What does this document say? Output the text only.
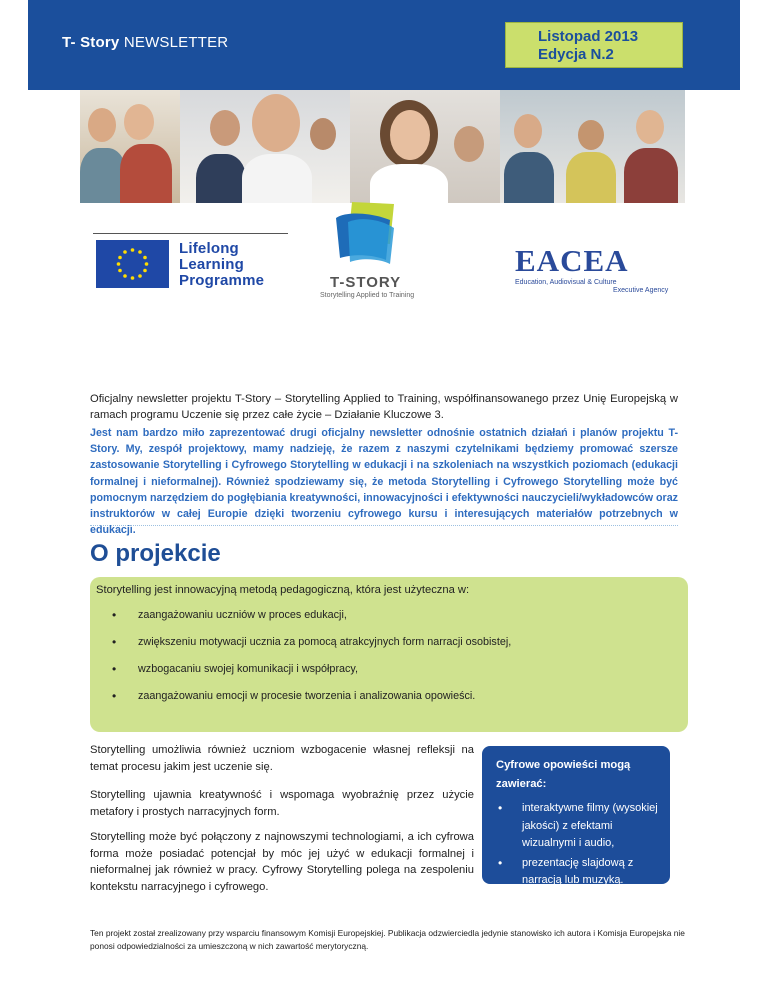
T- Story NEWSLETTER	Listopad 2013
Edycja N.2
Lifelong
Learning
Programme	T-STORY
Storytelling Applied to Training
EACEA
Education, Audiovisual & Culture
Executive Agency

Oficjalny newsletter projektu T-Story – Storytelling Applied to Training, współfinansowanego przez Unię Europejską w ramach programu Uczenie się przez całe życie – Działanie Kluczowe 3.

Jest nam bardzo miło zaprezentować drugi oficjalny newsletter odnośnie ostatnich działań i planów projektu T-Story. My, zespół projektowy, mamy nadzieję, że razem z naszymi czytelnikami będziemy promować szersze zastosowanie Storytelling i Cyfrowego Storytelling w edukacji i na szkoleniach na wszystkich poziomach (edukacji formalnej i nieformalnej). Również spodziewamy się, że metoda Storytelling i Cyfrowego Storytelling może być pomocnym narzędziem do pogłębiania kreatywności, innowacyjności i efektywności nauczycieli/wykładowców oraz instruktorów w całej Europie dzięki tworzeniu cyfrowego kursu i interesujących materiałów potrzebnych w edukacji.

O projekcie
Storytelling jest innowacyjną metodą pedagogiczną, która jest użyteczna w:
• zaangażowaniu uczniów w proces edukacji,
• zwiększeniu motywacji ucznia za pomocą atrakcyjnych form narracji osobistej,
• wzbogacaniu swojej komunikacji i współpracy,
• zaangażowaniu emocji w procesie tworzenia i analizowania opowieści.

Storytelling umożliwia również uczniom wzbogacenie własnej refleksji na temat procesu jakim jest uczenie się.

Storytelling ujawnia kreatywność i wspomaga wyobraźnię przez użycie metafory i prostych narracyjnych form.

Storytelling może być połączony z najnowszymi technologiami, a ich cyfrowa forma może posiadać potencjał by móc jej użyć w edukacji formalnej i nieformalnej jak również w pracy. Cyfrowy Storytelling polega na zespoleniu kontekstu narracyjnego i cyfrowego.

Cyfrowe opowieści mogą zawierać:
• interaktywne filmy (wysokiej jakości) z efektami wizualnymi i audio,
• prezentację slajdową z narracją lub muzyką.

Ten projekt został zrealizowany przy wsparciu finansowym Komisji Europejskiej. Publikacja odzwierciedla jedynie stanowisko ich autora i Komisja Europejska nie ponosi odpowiedzialności za umieszczoną w nich zawartość merytoryczną.
